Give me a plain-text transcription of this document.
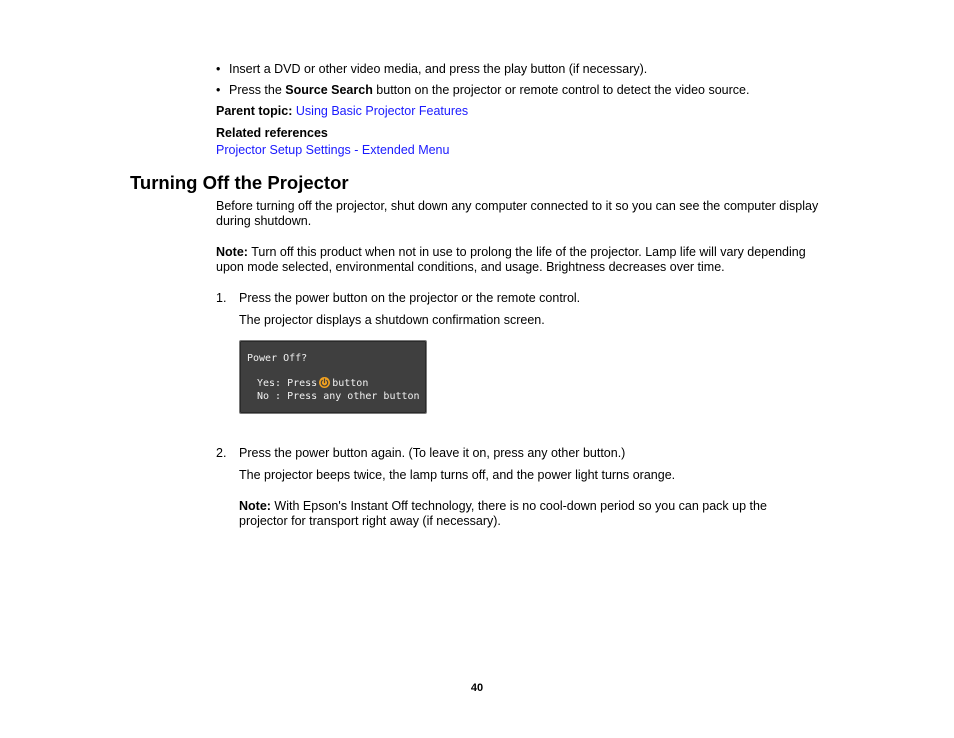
• Insert a DVD or other video media, and press the play button (if necessary).
• Press the Source Search button on the projector or remote control to detect the video source.
Parent topic: Using Basic Projector Features
Related references
Projector Setup Settings - Extended Menu
Turning Off the Projector
Before turning off the projector, shut down any computer connected to it so you can see the computer display during shutdown.
Note: Turn off this product when not in use to prolong the life of the projector. Lamp life will vary depending upon mode selected, environmental conditions, and usage. Brightness decreases over time.
1. Press the power button on the projector or the remote control.
The projector displays a shutdown confirmation screen.
Power Off?
Yes: Press button
No : Press any other button
2. Press the power button again. (To leave it on, press any other button.)
The projector beeps twice, the lamp turns off, and the power light turns orange.
Note: With Epson's Instant Off technology, there is no cool-down period so you can pack up the projector for transport right away (if necessary).
40
